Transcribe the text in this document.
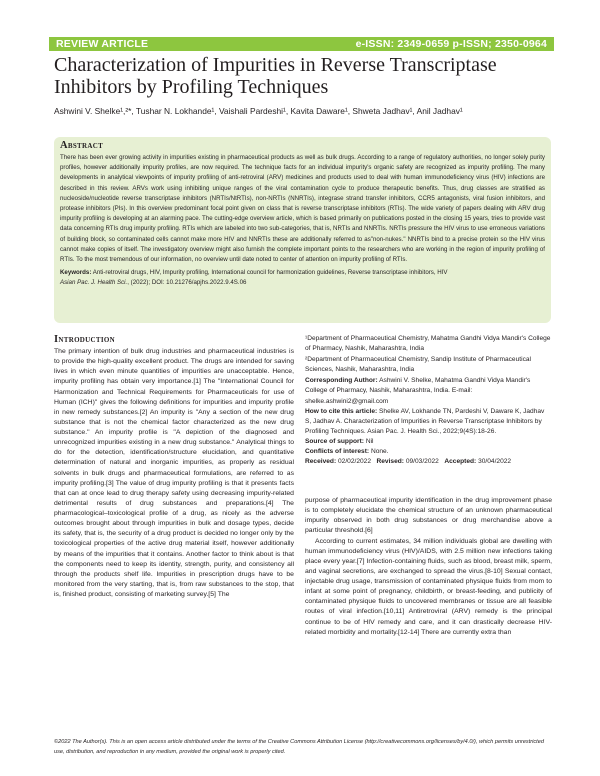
REVIEW ARTICLE	e-ISSN: 2349-0659 p-ISSN; 2350-0964
Characterization of Impurities in Reverse Transcriptase Inhibitors by Profiling Techniques
Ashwini V. Shelke¹,²*, Tushar N. Lokhande¹, Vaishali Pardeshi¹, Kavita Daware¹, Shweta Jadhav¹, Anil Jadhav¹
Abstract

There has been ever growing activity in impurities existing in pharmaceutical products as well as bulk drugs. According to a range of regulatory authorities, no longer solely purity profiles, however additionally impurity profiles, are now required. The technique facts for an individual impurity's organic safety are recognized as impurity profiling. The many developments in analytical viewpoints of impurity profiling of anti-retroviral (ARV) medicines and products used to deal with human immunodeficiency virus (HIV) infections are described in this review. ARVs work using inhibiting unique ranges of the viral contamination cycle to produce therapeutic benefits. Thus, drug classes are stratified as nucleoside/nucleotide reverse transcriptase inhibitors (NRTIs/NtRTIs), non-NRTIs (NNRTIs), integrase strand transfer inhibitors, CCR5 antagonists, viral fusion inhibitors, and protease inhibitors (PIs). In this overview predominant focal point given on class that is reverse transcriptase inhibitors (RTIs). The wide variety of papers dealing with ARV drug impurity profiling is developing at an alarming pace. The cutting-edge overview article, which is based primarily on publications posted in the closing 15 years, tries to provide vast data concerning RTIs drug impurity profiling. RTIs which are labeled into two sub-categories, that is, NRTIs and NNRTIs. NRTIs pressure the HIV virus to use erroneous variations of building block, so contaminated cells cannot make more HIV and NNRTIs these are additionally referred to as"non-nukes." NNRTIs bind to a precise protein so the HIV virus cannot make copies of itself. The investigatory overview might also furnish the complete important points to the researchers who are working in the region of impurity profiling of RTIs. To the most tremendous of our information, no overview until date noted to center of attention on impurity profiling of RTIs.

Keywords: Anti-retroviral drugs, HIV, Impurity profiling, International council for harmonization guidelines, Reverse transcriptase inhibitors, HIV

Asian Pac. J. Health Sci., (2022); DOI: 10.21276/apjhs.2022.9.4S.06

Introduction

The primary intention of bulk drug industries and pharmaceutical industries is to provide the high-quality excellent product. The drugs are intended for saving lives in which even minute quantities of impurities are unacceptable. Hence, impurity profiling has obtain very importance.[1] The "International Council for Harmonization and Technical Requirements for Pharmaceuticals for use of Human (ICH)" gives the following definitions for impurities and impurity profile in new remedy substances.[2] An impurity is "Any a section of the new drug substance that is not the chemical factor characterized as the new drug substance." An impurity profile is "A depiction of the diagnosed and unrecognized impurities existing in a new drug substance." Analytical things to do for the detection, identification/structure elucidation, and quantitative determination of natural and inorganic impurities, as properly as residual solvents in bulk drugs and pharmaceutical formulations, are referred to as impurity profiling.[3] The value of drug impurity profiling is that it presents facts that can at once lead to drug therapy safety using decreasing impurity-related detrimental results of drug substances and preparations.[4] The pharmacological–toxicological profile of a drug, as nicely as the adverse outcomes brought about through impurities in bulk and dosage types, decide its safety, that is, the security of a drug product is decided no longer only by the toxicological properties of the active drug material itself, however additionally by means of the impurities that it contains. Another factor to think about is that the components need to keep its identity, strength, purity, and consistency all through the products shelf life. Impurities in prescription drugs have to be monitored from the very starting, that is, from raw substances to the stop, that is, finished product, consisting of marketing survey.[5] The

¹Department of Pharmaceutical Chemistry, Mahatma Gandhi Vidya Mandir's College of Pharmacy, Nashik, Maharashtra, India

²Department of Pharmaceutical Chemistry, Sandip Institute of Pharmaceutical Sciences, Nashik, Maharashtra, India

Corresponding Author: Ashwini V. Shelke, Mahatma Gandhi Vidya Mandir's College of Pharmacy, Nashik, Maharashtra, India. E-mail: shelke.ashwini2@gmail.com

How to cite this article: Shelke AV, Lokhande TN, Pardeshi V, Daware K, Jadhav S, Jadhav A. Characterization of Impurities in Reverse Transcriptase Inhibitors by Profiling Techniques. Asian Pac. J. Health Sci., 2022;9(4S):18-26.

Source of support: Nil

Conflicts of interest: None.

Received: 02/02/2022 Revised: 09/03/2022 Accepted: 30/04/2022

purpose of pharmaceutical impurity identification in the drug improvement phase is to completely elucidate the chemical structure of an unknown pharmaceutical impurity observed in both drug substances or drug merchandise above a particular threshold.[6]

According to current estimates, 34 million individuals global are dwelling with human immunodeficiency virus (HIV)/AIDS, with 2.5 million new infections taking place every year.[7] Infection-containing fluids, such as blood, breast milk, sperm, and vaginal secretions, are exchanged to spread the virus.[8-10] Sexual contact, injectable drug usage, transmission of contaminated physique fluids from mom to infant at some point of pregnancy, childbirth, or breast-feeding, and publicity of contaminated physique fluids to uncovered membranes or tissue are all feasible routes of viral infection.[10,11] Antiretroviral (ARV) remedy is the principal continue to be of HIV remedy and care, and it can drastically decrease HIV-related morbidity and mortality.[12-14] There are currently extra than

©2022 The Author(s). This is an open access article distributed under the terms of the Creative Commons Attribution License (http://creativecommons.org/licenses/by/4.0/), which permits unrestricted use, distribution, and reproduction in any medium, provided the original work is properly cited.
